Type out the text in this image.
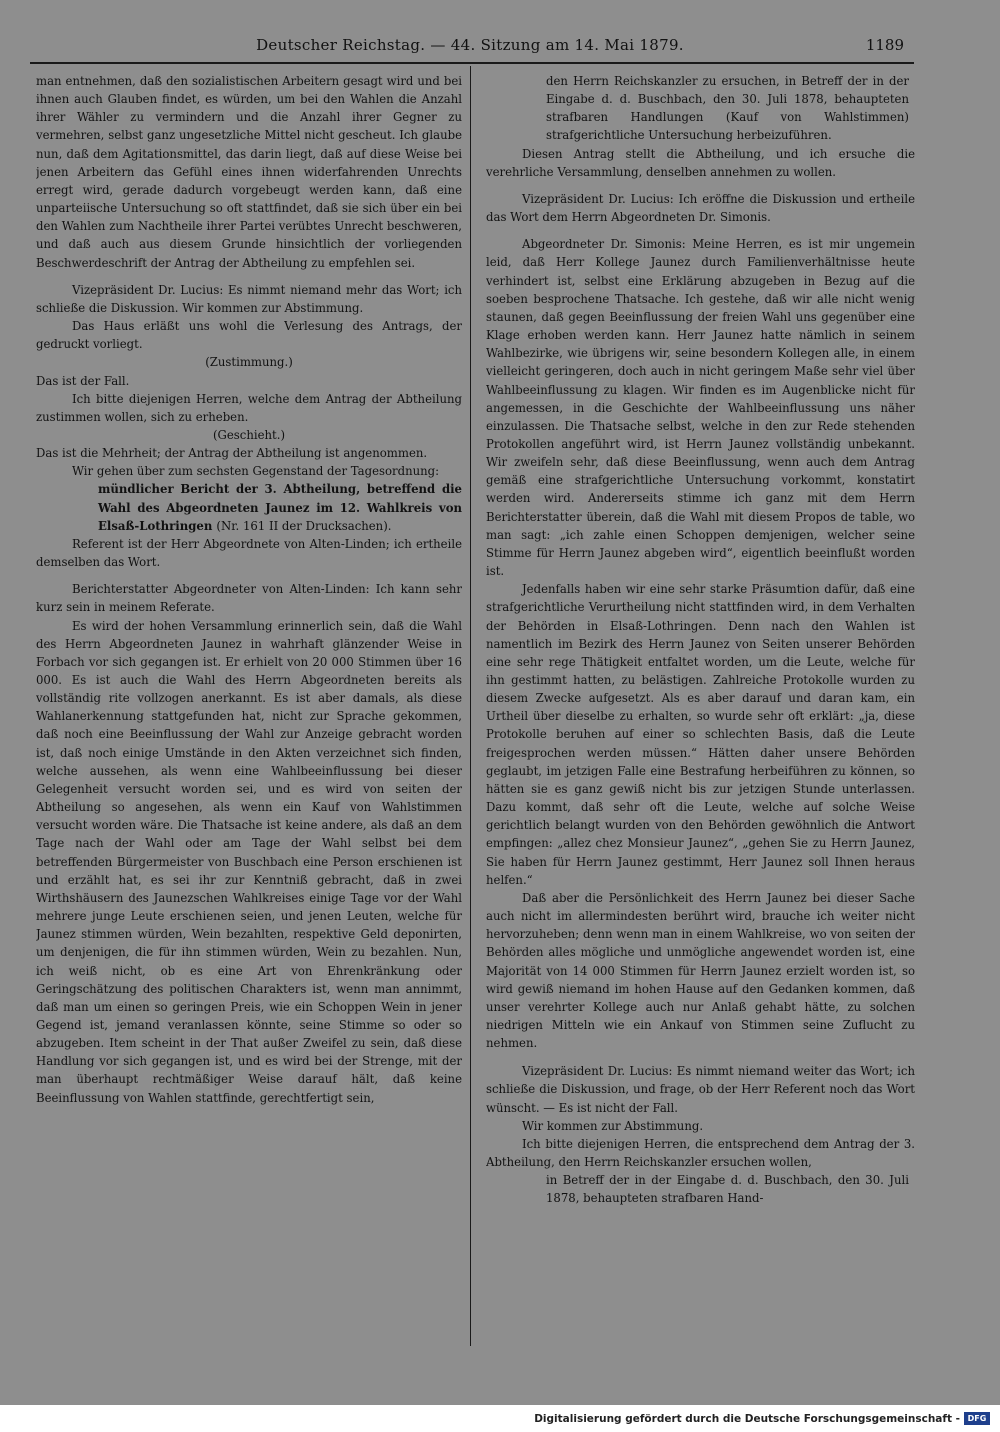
Deutscher Reichstag. — 44. Sitzung am 14. Mai 1879.	1189

man entnehmen, daß den sozialistischen Arbeitern gesagt wird und bei ihnen auch Glauben findet, es würden, um bei den Wahlen die Anzahl ihrer Wähler zu vermindern und die Anzahl ihrer Gegner zu vermehren, selbst ganz ungesetzliche Mittel nicht gescheut. Ich glaube nun, daß dem Agitationsmittel, das darin liegt, daß auf diese Weise bei jenen Arbeitern das Gefühl eines ihnen widerfahrenden Unrechts erregt wird, gerade dadurch vorgebeugt werden kann, daß eine unparteiische Untersuchung so oft stattfindet, daß sie sich über ein bei den Wahlen zum Nachtheile ihrer Partei verübtes Unrecht beschweren, und daß auch aus diesem Grunde hinsichtlich der vorliegenden Beschwerdeschrift der Antrag der Abtheilung zu empfehlen sei.

Vizepräsident Dr. Lucius: Es nimmt niemand mehr das Wort; ich schließe die Diskussion. Wir kommen zur Abstimmung.

Das Haus erläßt uns wohl die Verlesung des Antrags, der gedruckt vorliegt.

(Zustimmung.)

Das ist der Fall.

Ich bitte diejenigen Herren, welche dem Antrag der Abtheilung zustimmen wollen, sich zu erheben.

(Geschieht.)

Das ist die Mehrheit; der Antrag der Abtheilung ist angenommen.

Wir gehen über zum sechsten Gegenstand der Tagesordnung:

mündlicher Bericht der 3. Abtheilung, betreffend die Wahl des Abgeordneten Jaunez im 12. Wahlkreis von Elsaß-Lothringen (Nr. 161 II der Drucksachen).

Referent ist der Herr Abgeordnete von Alten-Linden; ich ertheile demselben das Wort.

Berichterstatter Abgeordneter von Alten-Linden: Ich kann sehr kurz sein in meinem Referate.

Es wird der hohen Versammlung erinnerlich sein, daß die Wahl des Herrn Abgeordneten Jaunez in wahrhaft glänzender Weise in Forbach vor sich gegangen ist. Er erhielt von 20 000 Stimmen über 16 000. Es ist auch die Wahl des Herrn Abgeordneten bereits als vollständig rite vollzogen anerkannt. Es ist aber damals, als diese Wahlanerkennung stattgefunden hat, nicht zur Sprache gekommen, daß noch eine Beeinflussung der Wahl zur Anzeige gebracht worden ist, daß noch einige Umstände in den Akten verzeichnet sich finden, welche aussehen, als wenn eine Wahlbeeinflussung bei dieser Gelegenheit versucht worden sei, und es wird von seiten der Abtheilung so angesehen, als wenn ein Kauf von Wahlstimmen versucht worden wäre. Die Thatsache ist keine andere, als daß an dem Tage nach der Wahl oder am Tage der Wahl selbst bei dem betreffenden Bürgermeister von Buschbach eine Person erschienen ist und erzählt hat, es sei ihr zur Kenntniß gebracht, daß in zwei Wirthshäusern des Jaunezschen Wahlkreises einige Tage vor der Wahl mehrere junge Leute erschienen seien, und jenen Leuten, welche für Jaunez stimmen würden, Wein bezahlten, respektive Geld deponirten, um denjenigen, die für ihn stimmen würden, Wein zu bezahlen. Nun, ich weiß nicht, ob es eine Art von Ehrenkränkung oder Geringschätzung des politischen Charakters ist, wenn man annimmt, daß man um einen so geringen Preis, wie ein Schoppen Wein in jener Gegend ist, jemand veranlassen könnte, seine Stimme so oder so abzugeben. Item scheint in der That außer Zweifel zu sein, daß diese Handlung vor sich gegangen ist, und es wird bei der Strenge, mit der man überhaupt rechtmäßiger Weise darauf hält, daß keine Beeinflussung von Wahlen stattfinde, gerechtfertigt sein,

den Herrn Reichskanzler zu ersuchen, in Betreff der in der Eingabe d. d. Buschbach, den 30. Juli 1878, behaupteten strafbaren Handlungen (Kauf von Wahlstimmen) strafgerichtliche Untersuchung herbeizuführen.

Diesen Antrag stellt die Abtheilung, und ich ersuche die verehrliche Versammlung, denselben annehmen zu wollen.

Vizepräsident Dr. Lucius: Ich eröffne die Diskussion und ertheile das Wort dem Herrn Abgeordneten Dr. Simonis.

Abgeordneter Dr. Simonis: Meine Herren, es ist mir ungemein leid, daß Herr Kollege Jaunez durch Familienverhältnisse heute verhindert ist, selbst eine Erklärung abzugeben in Bezug auf die soeben besprochene Thatsache. Ich gestehe, daß wir alle nicht wenig staunen, daß gegen Beeinflussung der freien Wahl uns gegenüber eine Klage erhoben werden kann. Herr Jaunez hatte nämlich in seinem Wahlbezirke, wie übrigens wir, seine besondern Kollegen alle, in einem vielleicht geringeren, doch auch in nicht geringem Maße sehr viel über Wahlbeeinflussung zu klagen. Wir finden es im Augenblicke nicht für angemessen, in die Geschichte der Wahlbeeinflussung uns näher einzulassen. Die Thatsache selbst, welche in den zur Rede stehenden Protokollen angeführt wird, ist Herrn Jaunez vollständig unbekannt. Wir zweifeln sehr, daß diese Beeinflussung, wenn auch dem Antrag gemäß eine strafgerichtliche Untersuchung vorkommt, konstatirt werden wird. Andererseits stimme ich ganz mit dem Herrn Berichterstatter überein, daß die Wahl mit diesem Propos de table, wo man sagt: „ich zahle einen Schoppen demjenigen, welcher seine Stimme für Herrn Jaunez abgeben wird“, eigentlich beeinflußt worden ist.

Jedenfalls haben wir eine sehr starke Präsumtion dafür, daß eine strafgerichtliche Verurtheilung nicht stattfinden wird, in dem Verhalten der Behörden in Elsaß-Lothringen. Denn nach den Wahlen ist namentlich im Bezirk des Herrn Jaunez von Seiten unserer Behörden eine sehr rege Thätigkeit entfaltet worden, um die Leute, welche für ihn gestimmt hatten, zu belästigen. Zahlreiche Protokolle wurden zu diesem Zwecke aufgesetzt. Als es aber darauf und daran kam, ein Urtheil über dieselbe zu erhalten, so wurde sehr oft erklärt: „ja, diese Protokolle beruhen auf einer so schlechten Basis, daß die Leute freigesprochen werden müssen.“ Hätten daher unsere Behörden geglaubt, im jetzigen Falle eine Bestrafung herbeiführen zu können, so hätten sie es ganz gewiß nicht bis zur jetzigen Stunde unterlassen. Dazu kommt, daß sehr oft die Leute, welche auf solche Weise gerichtlich belangt wurden von den Behörden gewöhnlich die Antwort empfingen: „allez chez Monsieur Jaunez“, „gehen Sie zu Herrn Jaunez, Sie haben für Herrn Jaunez gestimmt, Herr Jaunez soll Ihnen heraus helfen.“

Daß aber die Persönlichkeit des Herrn Jaunez bei dieser Sache auch nicht im allermindesten berührt wird, brauche ich weiter nicht hervorzuheben; denn wenn man in einem Wahlkreise, wo von seiten der Behörden alles mögliche und unmögliche angewendet worden ist, eine Majorität von 14 000 Stimmen für Herrn Jaunez erzielt worden ist, so wird gewiß niemand im hohen Hause auf den Gedanken kommen, daß unser verehrter Kollege auch nur Anlaß gehabt hätte, zu solchen niedrigen Mitteln wie ein Ankauf von Stimmen seine Zuflucht zu nehmen.

Vizepräsident Dr. Lucius: Es nimmt niemand weiter das Wort; ich schließe die Diskussion, und frage, ob der Herr Referent noch das Wort wünscht. — Es ist nicht der Fall.

Wir kommen zur Abstimmung.

Ich bitte diejenigen Herren, die entsprechend dem Antrag der 3. Abtheilung, den Herrn Reichskanzler ersuchen wollen,

in Betreff der in der Eingabe d. d. Buschbach, den 30. Juli 1878, behaupteten strafbaren Hand-

Digitalisierung gefördert durch die Deutsche Forschungsgemeinschaft - DFG
